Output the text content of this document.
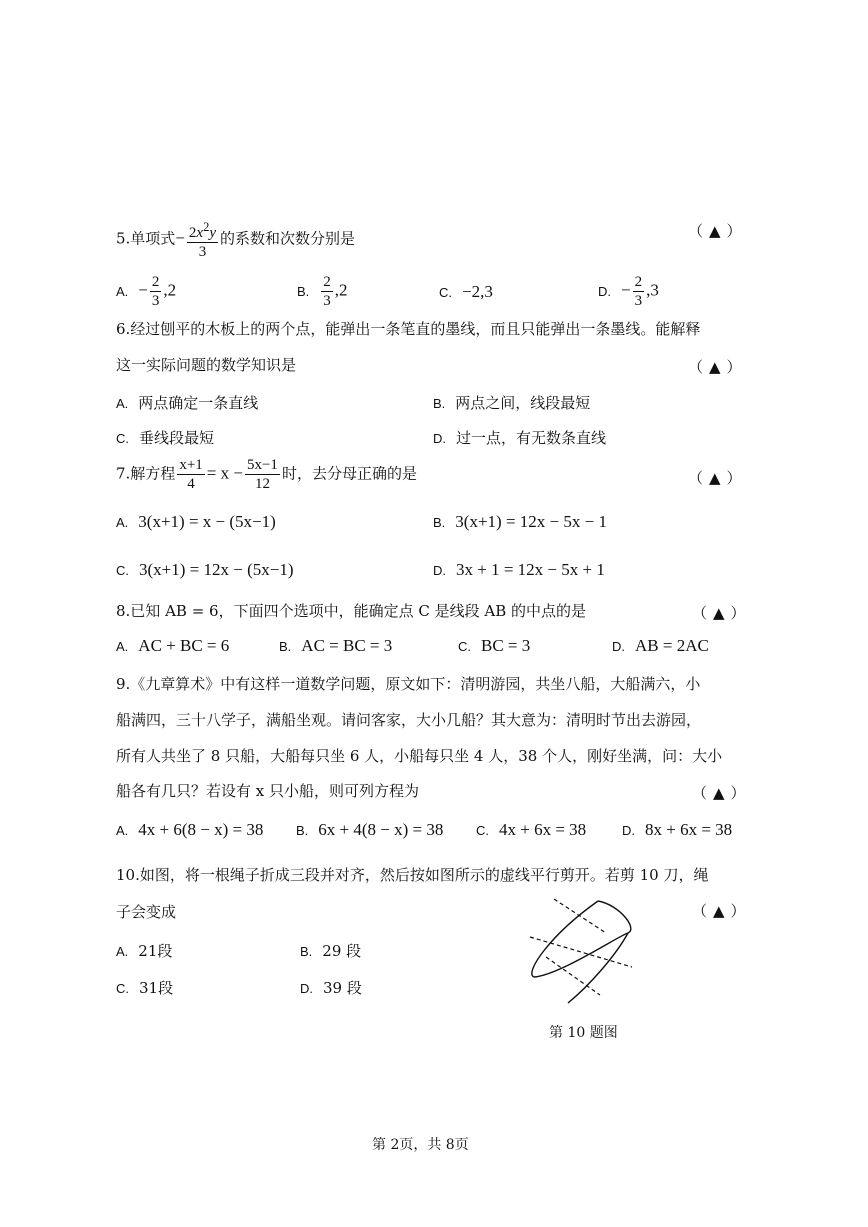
5.单项式− $\frac{2x^2y}{3}$ 的系数和次数分别是	（▲）
A. − $\frac{2}{3} ,2$	B. $\frac{2}{3} ,2$	C. −2,3	D. − $\frac{2}{3} ,3$
6.经过刨平的木板上的两个点，能弹出一条笔直的墨线，而且只能弹出一条墨线。能解释
这一实际问题的数学知识是	（▲）
A. 两点确定一条直线	B. 两点之间，线段最短
C. 垂线段最短	D. 过一点，有无数条直线
7.解方程 $\frac{x+1}{4} = x - \frac{5x-1}{12}$ 时，去分母正确的是	（▲）
A. 3(x+1) = x − (5x−1)	B. 3(x+1) = 12x − 5x − 1
C. 3(x+1) = 12x − (5x−1)	D. 3x + 1 = 12x − 5x + 1
8.已知 AB = 6，下面四个选项中，能确定点 C 是线段 AB 的中点的是	（▲）
A. AC + BC = 6	B. AC = BC = 3	C. BC = 3	D. AB = 2AC
9.《九章算术》中有这样一道数学问题，原文如下：清明游园，共坐八船，大船满六，小
船满四，三十八学子，满船坐观。请问客家，大小几船？其大意为：清明时节出去游园，
所有人共坐了 8 只船，大船每只坐 6 人，小船每只坐 4 人，38 个人，刚好坐满，问：大小
船各有几只？若设有 x 只小船，则可列方程为	（▲）
A. 4x + 6(8 − x) = 38	B. 6x + 4(8 − x) = 38	C. 4x + 6x = 38	D. 8x + 6x = 38
10.如图，将一根绳子折成三段并对齐，然后按如图所示的虚线平行剪开。若剪 10 刀，绳
子会变成	（▲）
A. 21段	B. 29 段
C. 31段	D. 39 段
第 10 题图
第 2页，共 8页
